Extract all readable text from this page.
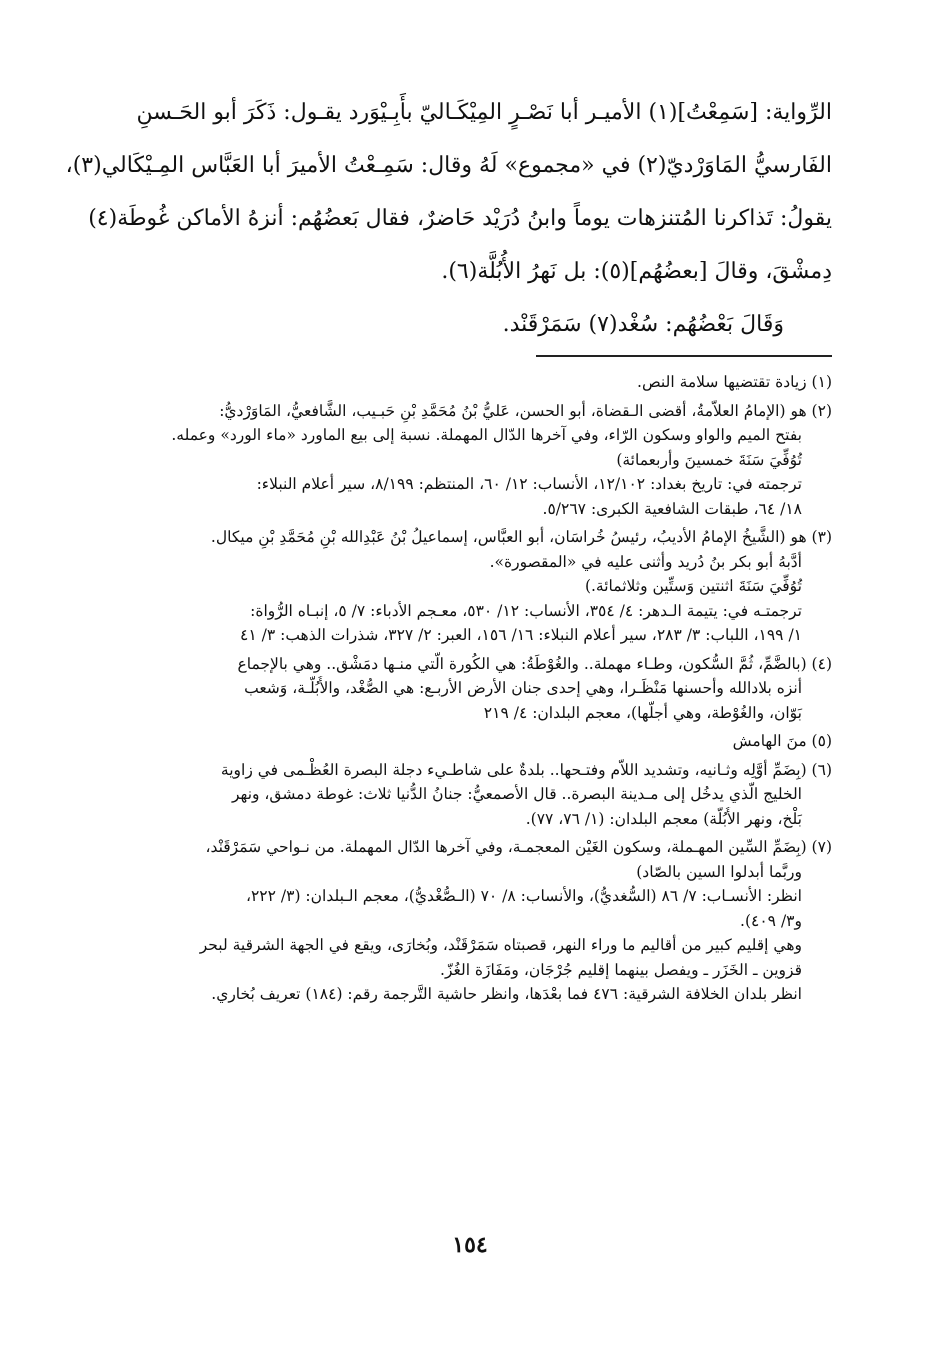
الرِّواية: [سَمِعْتُ](١) الأميـر أبا نَصْـرٍ المِيْكَـاليّ بأَبِـيْوَرد يقـول: ذَكَرَ أبو الحَـسنِ
الفَارسيُّ المَاوَرْديّ(٢) في «مجموع» لَهُ وقال: سَمِـعْتُ الأميرَ أبا العَبَّاس المِـيْكَالي(٣)،
يقولُ: تَذاكرنا المُتنزهات يوماً وابنُ دُرَيْد حَاضرٌ، فقال بَعضُهُم: أنزهُ الأماكن غُوطَة(٤)
دِمشْقَ، وقالَ [بعضُهُم](٥): بل نَهرُ الأُبُلَّة(٦).
وَقَالَ بَعْضُهُم: سُغْد(٧) سَمَرْقَنْد.

(١) زيادة تقتضيها سلامة النص.
(٢) هو (الإمامُ العلاّمةُ، أقضى الـقضاة، أبو الحسن، عَليُّ بْنُ مُحَمَّدِ بْنِ حَبـيب، الشَّافعيُّ، المَاوَرْديُّ:
بفتح الميم والواو وسكون الرّاء، وفي آخرها الدّال المهملة. نسبة إلى بيع الماورد «ماء الورد» وعمله.
تُوُفِّيَ سَنَةَ خمسينَ وأربعمائة)
ترجمته في: تاريخ بغداد: ١٢/١٠٢، الأنساب: ١٢/ ٦٠، المنتظم: ٨/١٩٩، سير أعلام النبلاء:
١٨/ ٦٤، طبقات الشافعية الكبرى: ٥/٢٦٧.
(٣) هو (الشَّيخُ الإمامُ الأديبُ، رئيسُ خُراسَان، أبو العبَّاس، إسماعيلُ بْنُ عَبْدِالله بْنِ مُحَمَّدِ بْنِ ميكال.
أدَّبهُ أبو بكر بنُ دُريد وأثنى عليه في «المقصورة».
تُوُفِّيَ سَنَةَ اثنتين وَستِّين وثلاثمائة.)
ترجمتـه في: يتيمة الـدهر: ٤/ ٣٥٤، الأنساب: ١٢/ ٥٣٠، معـجم الأدباء: ٧/ ٥، إنبـاه الرُّواة:
١/ ١٩٩، اللباب: ٣/ ٢٨٣، سير أعلام النبلاء: ١٦/ ١٥٦، العبر: ٢/ ٣٢٧، شذرات الذهب: ٣/ ٤١
(٤) (بالضَّمِّ، ثُمَّ السُّكون، وطـاء مهملة.. والغُوْطَةُ: هي الكُورة الَّتي منـها دمَشْق.. وهي بالإجماع
أنزه بلادالله وأحسنها مَنْظَـرا، وهي إحدى جنان الأرض الأربـع: هي الصُّغْد، والأُبُلَّـة، وَشعب
بَوّان، والغُوْطة، وهي أجلُّها)، معجم البلدان: ٤/ ٢١٩
(٥) منَ الهامش
(٦) (بِضَمِّ أوَّلِه وثـانيه، وتشديد اللاّم وفتـحها.. بلدةٌ على شاطـيء دجلة البصرة العُظْـمى في زاوية
الخليج الَّذي يدخُل إلى مـدينة البصرة.. قال الأصمعيُّ: جنانُ الدُّنيا ثلاث: غوطة دمشق، ونهر
بَلْخ، ونهر الأُبُلَّة) معجم البلدان: (١/ ٧٦، ٧٧).
(٧) (بِضَمِّ السِّين المهـملة، وسكون الغَيْن المعجمـة، وفي آخرها الدّال المهملة. من نـواحي سَمَرْقَنْد،
وربَّما أبدلوا السين بالصّاد)
انظر: الأنسـاب: ٧/ ٨٦ (السُّغديُّ)، والأنساب: ٨/ ٧٠ (الـصُّغْديُّ)، معجم الـبلدان: (٣/ ٢٢٢،
و٣/ ٤٠٩).
وهي إقليم كبير من أقاليم ما وراء النهر، قصبتاه سَمَرْقَنْد، وبُخارَى، ويقع في الجهة الشرقية لبحر
قزوين ـ الخَزَر ـ ويفصل بينهما إقليم جُرْجَان، ومَفَازَة الغُزّ.
انظر بلدان الخلافة الشرقية: ٤٧٦ فما بعْدَها، وانظر حاشية التَّرجمة رقم: (١٨٤) تعريف بُخاري.
١٥٤
